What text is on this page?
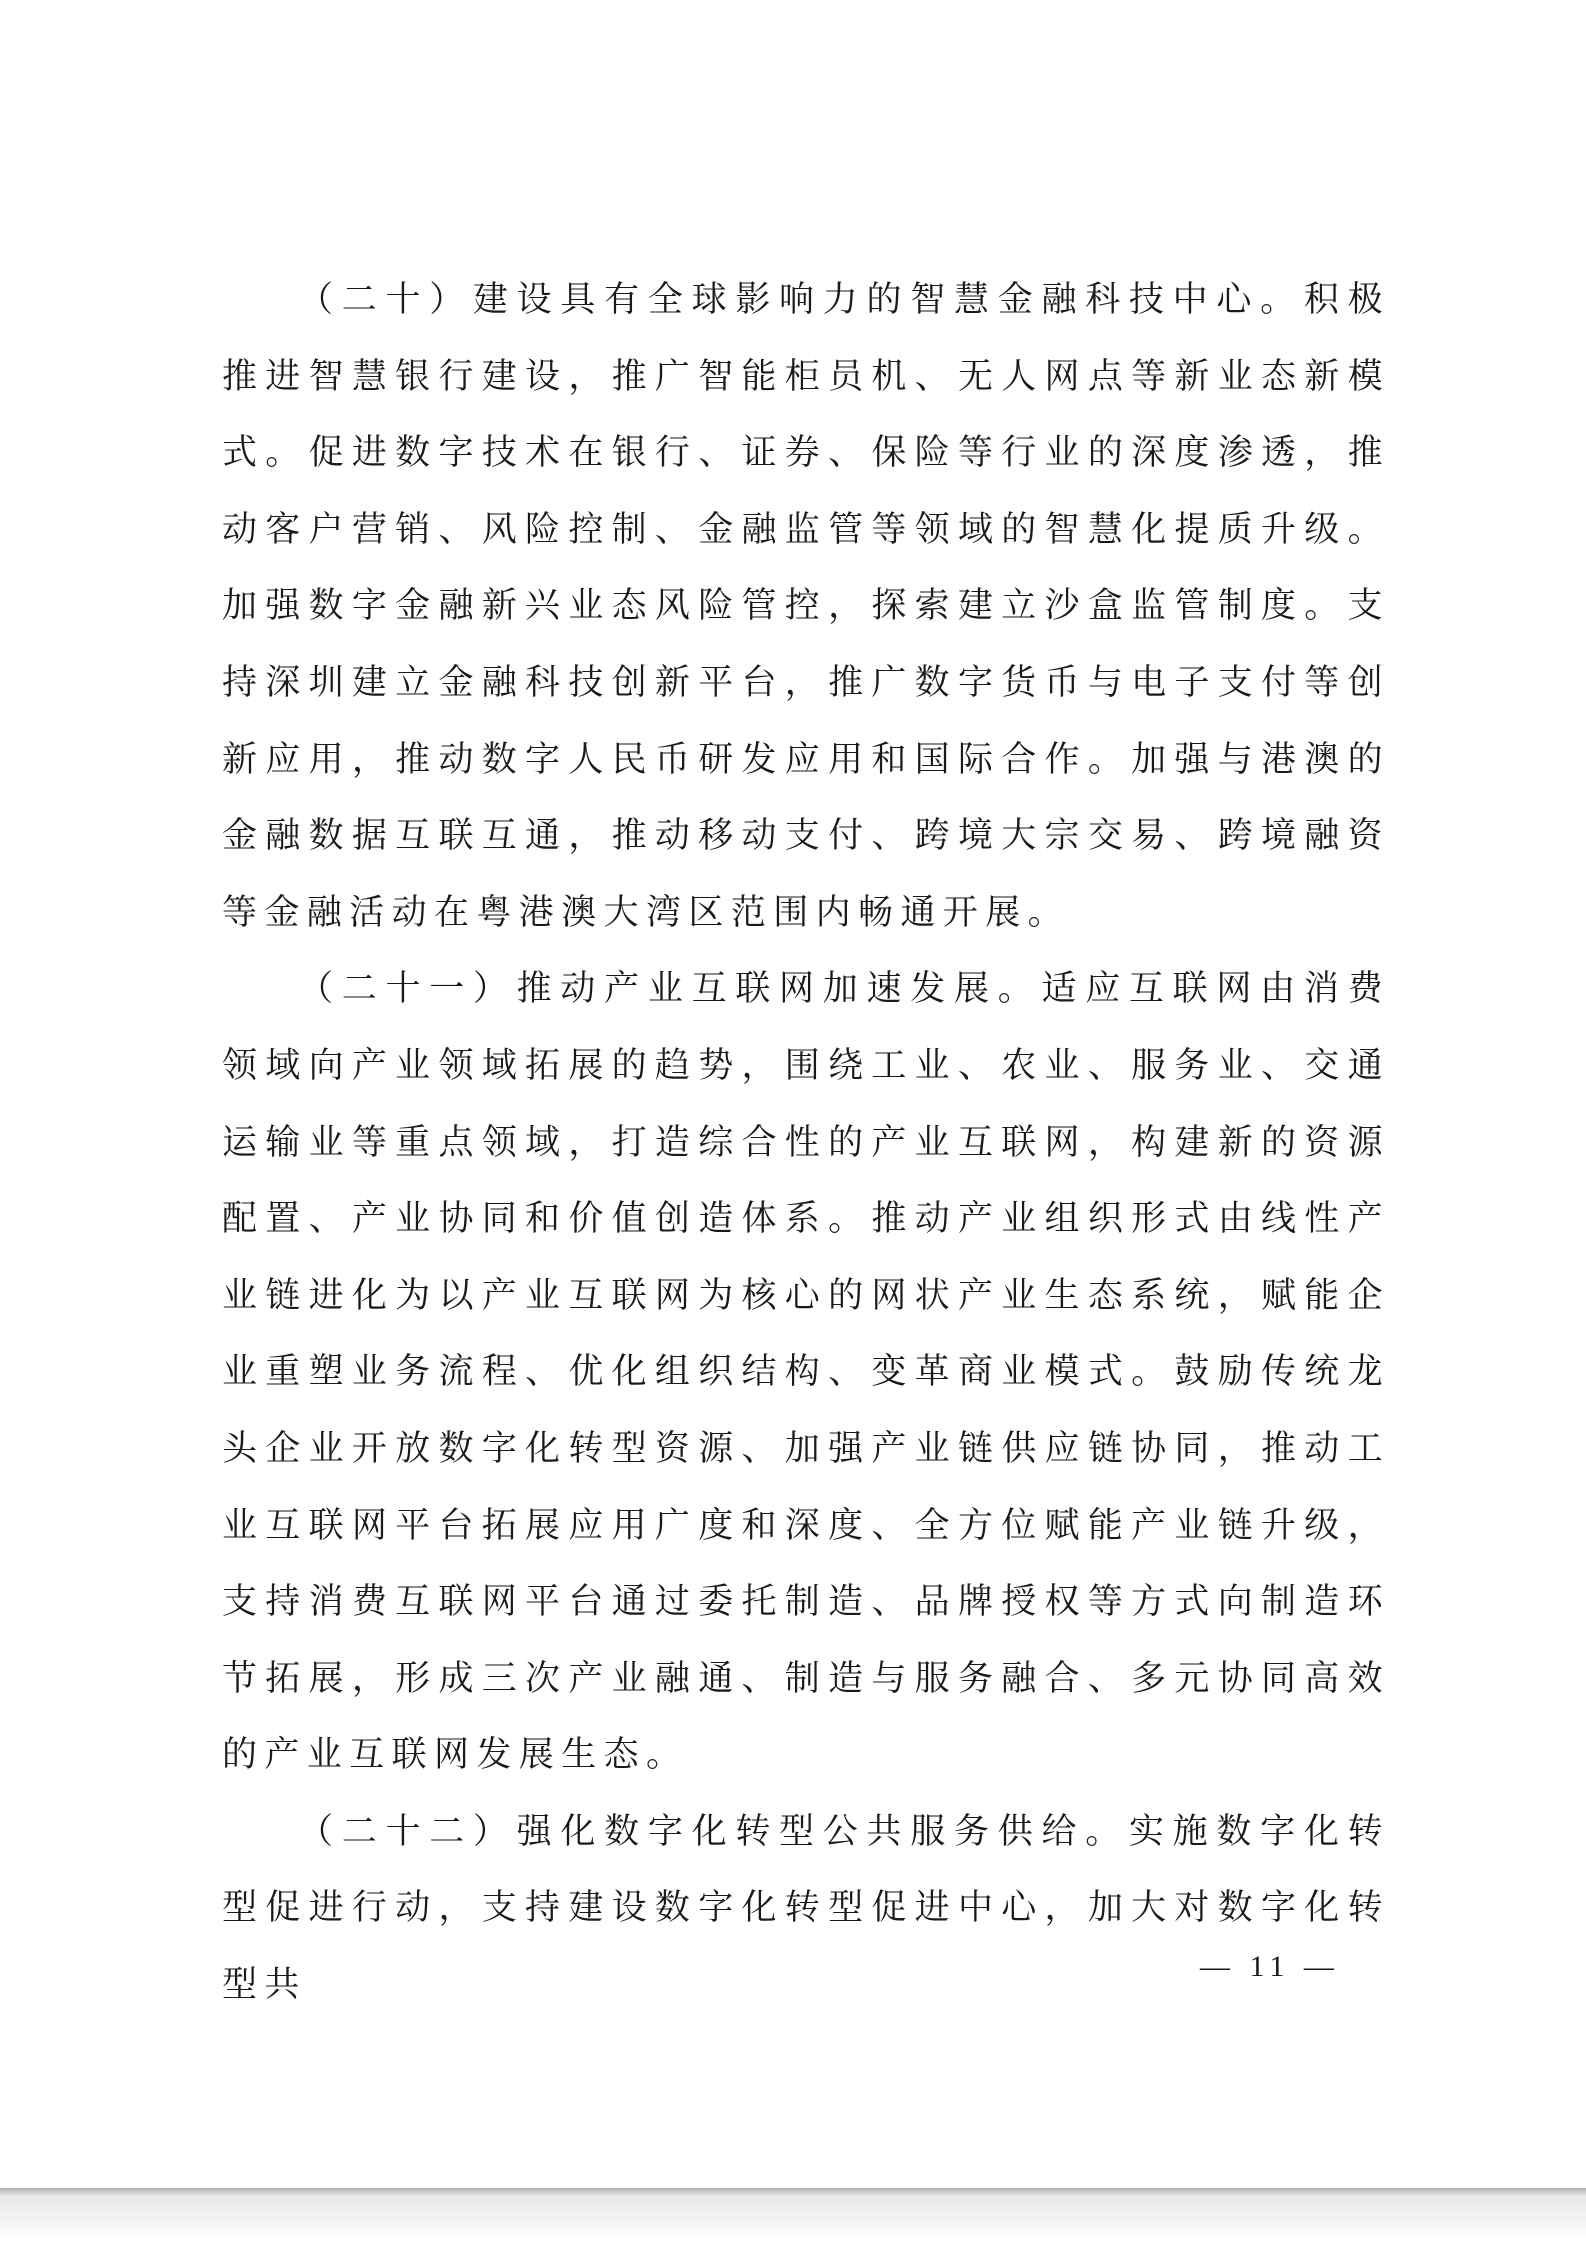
（二十）建设具有全球影响力的智慧金融科技中心。积极推进智慧银行建设，推广智能柜员机、无人网点等新业态新模式。促进数字技术在银行、证券、保险等行业的深度渗透，推动客户营销、风险控制、金融监管等领域的智慧化提质升级。加强数字金融新兴业态风险管控，探索建立沙盒监管制度。支持深圳建立金融科技创新平台，推广数字货币与电子支付等创新应用，推动数字人民币研发应用和国际合作。加强与港澳的金融数据互联互通，推动移动支付、跨境大宗交易、跨境融资等金融活动在粤港澳大湾区范围内畅通开展。

（二十一）推动产业互联网加速发展。适应互联网由消费领域向产业领域拓展的趋势，围绕工业、农业、服务业、交通运输业等重点领域，打造综合性的产业互联网，构建新的资源配置、产业协同和价值创造体系。推动产业组织形式由线性产业链进化为以产业互联网为核心的网状产业生态系统，赋能企业重塑业务流程、优化组织结构、变革商业模式。鼓励传统龙头企业开放数字化转型资源、加强产业链供应链协同，推动工业互联网平台拓展应用广度和深度、全方位赋能产业链升级，支持消费互联网平台通过委托制造、品牌授权等方式向制造环节拓展，形成三次产业融通、制造与服务融合、多元协同高效的产业互联网发展生态。

（二十二）强化数字化转型公共服务供给。实施数字化转型促进行动，支持建设数字化转型促进中心，加大对数字化转型共	— 11 —
